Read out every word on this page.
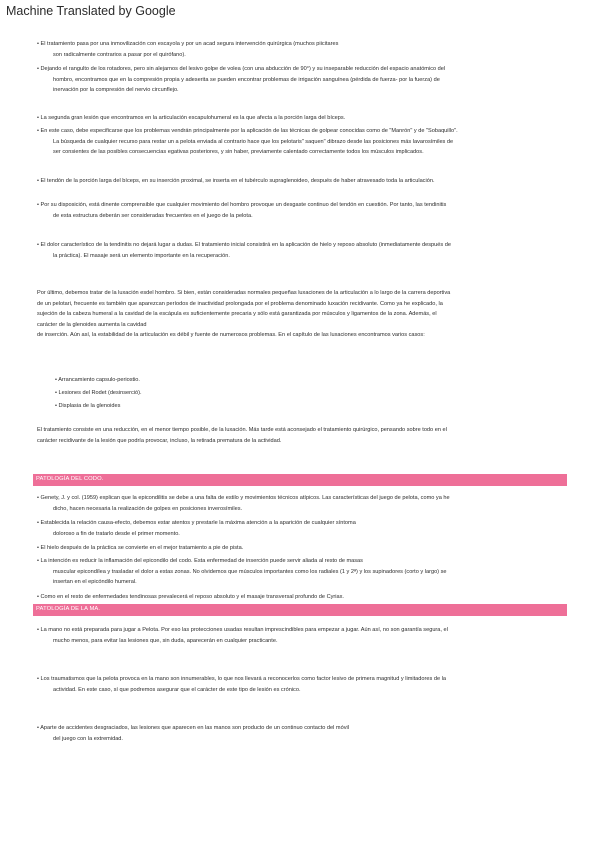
Machine Translated by Google
• El tratamiento pasa por una inmovilización con escayola y por un acad segura intervención quirúrgica (muchos piicitares
son radicalmente contrarios a pasar por el quirófano).
• Dejando el rangulto de los rotadores, pero sin alejarnos del lesivo golpe de volea (con una abducción de 90°) y su inseparable reducción del espacio anatómico del
hombro, encontramos que en la compresión propia y adeserita se pueden encontrar problemas de irrigación sanguínea (pérdida de fuerza- por la fuerza) de
inervación por la compresión del nervio circunflejo.
• La segunda gran lesión que encontramos en la articulación escapulohumeral es la que afecta a la porción larga del bíceps.
• En este caso, debe especificarse que los problemas vendrán principalmente por la aplicación de las técnicas de golpear conocidas como de "Manrón" y de "Sobaquillo".
La búsqueda de cualquier recurso para restar un a pelota enviada al contrario hace que los pelotaris" saquen" dibrazo desde las posiciones más lavarosímiles de
ser consientes de las posibles consecuencias egativas posteriores, y sin haber, previamente calentado correctamente todos los músculos implicados.
• El tendón de la porción larga del bíceps, en su inserción proximal, se inserta en el tubérculo supraglenoideo, después de haber atravesado toda la articulación.
• Por su disposición, está dinente comprensible que cualquier movimiento del hombro provoque un desgaste continuo del tendón en cuestión. Por tanto, las tendinitis
de esta estructura deberán ser consideradas frecuentes en el juego de la pelota.
• El dolor característico de la tendinitis no dejará lugar a dudas. El tratamiento inicial consistirá en la aplicación de hielo y reposo absoluto (inmediatamente después de
la práctica). El masaje será un elemento importante en la recuperación.
Por último, debemos tratar de la luxación esdel hombro. Si bien, están consideradas normales pequeñas luxaciones de la articulación a lo largo de la carrera deportiva
de un pelotari, frecuente es también que aparezcan períodos de inactividad prolongada por el problema denominado luxación recidivante. Como ya he explicado, la
sujeción de la cabeza humeral a la cavidad de la escápula es suficientemente precaria y sólo está garantizada por músculos y ligamentos de la zona. Además, el
carácter de la glenoides aumenta la cavidad
de inserción. Aún así, la estabilidad de la articulación es débil y fuente de numerosos problemas. En el capítulo de las luxaciones encontramos varios casos:
• Arrancamiento capsulo-periostio.
• Lesiones del Rodet (desinserció).
• Displasia de la glenoides
El tratamiento consiste en una reducción, en el menor tiempo posible, de la luxación. Más tarde está aconsejado el tratamiento quirúrgico, pensando sobre todo en el
carácter recidivante de la lesión que podría provocar, incluso, la retirada prematura de la actividad.
PATOLOGÍA DEL CODO.
• Genety, J. y col. (1959) explican que la epicondilitis se debe a una falta de estilo y movimientos técnicos atípicos. Las características del juego de pelota, como ya he
dicho, hacen necesaria la realización de golpes en posiciones inverosímiles.
• Establecida la relación causa-efecto, debemos estar atentos y prestarle la máxima atención a la aparición de cualquier síntoma
doloroso a fin de tratarlo desde el primer momento.
• El hielo después de la práctica se convierte en el mejor tratamiento a pie de pista.
• La intención es reducir la inflamación del epicondilo del codo. Esta enfermedad de inserción puede servir aliada al resto de masas
muscular epicondílea y trasladar el dolor a estas zonas. No olvidemos que músculos importantes como los radiales (1 y 2ª) y los supinadores (corto y largo) se
insertan en el epicóndilo humeral.
• Como en el resto de enfermedades tendinosas prevalecerá el reposo absoluto y el masaje transversal profundo de Cyriax.
PATOLOGÍA DE LA MA.
• La mano no está preparada para jugar a Pelota. Por eso las protecciones usadas resultan imprescindibles para empezar a jugar. Aún así, no son garantía segura, el
mucho menos, para evitar las lesiones que, sin duda, aparecerán en cualquier practicante.
• Los traumatismos que la pelota provoca en la mano son innumerables, lo que nos llevará a reconocerlos como factor lesivo de primera magnitud y limitadores de la
actividad. En este caso, sí que podremos asegurar que el carácter de este tipo de lesión es crónico.
• Aparte de accidentes desgraciados, las lesiones que aparecen en las manos son producto de un continuo contacto del móvil
del juego con la extremidad.
